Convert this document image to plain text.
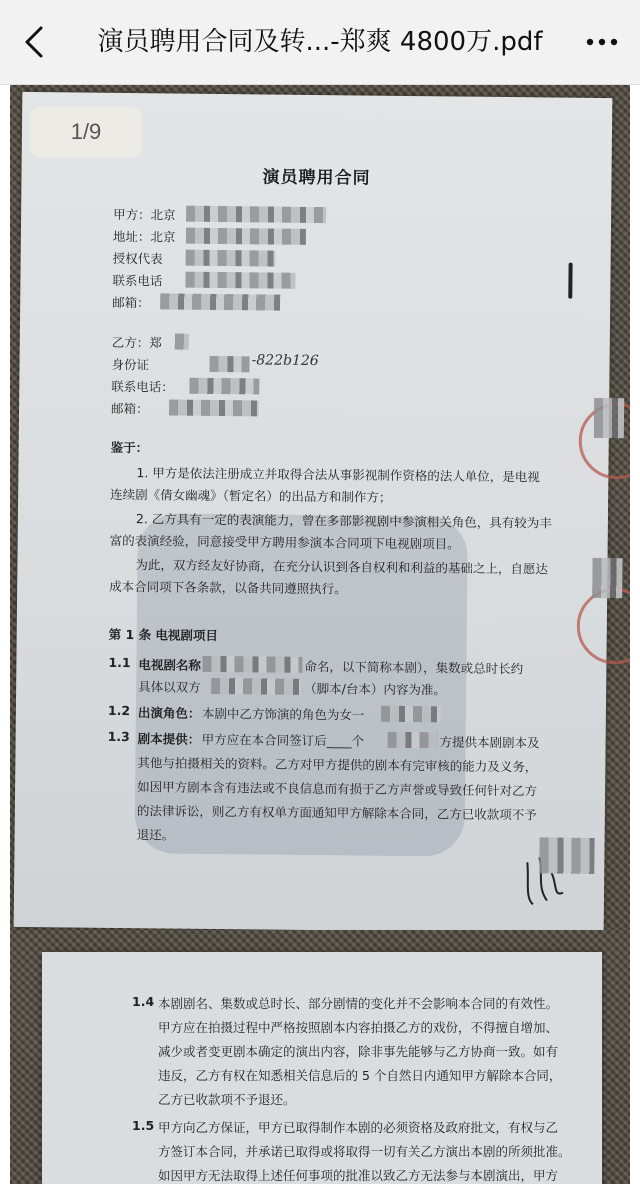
演员聘用合同及转...-郑爽 4800万.pdf
1/9
演员聘用合同
甲方：北京
地址：北京
授权代表
联系电话
邮箱：
乙方：郑
身份证	-822b126
联系电话：
邮箱：
鉴于：
1. 甲方是依法注册成立并取得合法从事影视制作资格的法人单位，是电视
连续剧《倩女幽魂》（暂定名）的出品方和制作方；
2. 乙方具有一定的表演能力，曾在多部影视剧中参演相关角色，具有较为丰
富的表演经验，同意接受甲方聘用参演本合同项下电视剧项目。
为此，双方经友好协商，在充分认识到各自权利和利益的基础之上，自愿达
成本合同项下各条款，以备共同遵照执行。
第 1 条 电视剧项目
1.1 电视剧名称	命名，以下简称本剧），集数或总时长约
具体以双方	（脚本/台本）内容为准。
1.2 出演角色： 本剧中乙方饰演的角色为女一
1.3 剧本提供： 甲方应在本合同签订后____个	方提供本剧剧本及
其他与拍摄相关的资料。乙方对甲方提供的剧本有完审核的能力及义务，
如因甲方剧本含有违法或不良信息而有损于乙方声誉或导致任何针对乙方
的法律诉讼，则乙方有权单方面通知甲方解除本合同，乙方已收款项不予
退还。
1.4 本剧剧名、集数或总时长、部分剧情的变化并不会影响本合同的有效性。
甲方应在拍摄过程中严格按照剧本内容拍摄乙方的戏份，不得擅自增加、
减少或者变更剧本确定的演出内容，除非事先能够与乙方协商一致。如有
违反，乙方有权在知悉相关信息后的 5 个自然日内通知甲方解除本合同，
乙方已收款项不予退还。
1.5 甲方向乙方保证，甲方已取得制作本剧的必须资格及政府批文，有权与乙
方签订本合同，并承诺已取得或将取得一切有关乙方演出本剧的所须批准。
如因甲方无法取得上述任何事项的批准以致乙方无法参与本剧演出，甲方
